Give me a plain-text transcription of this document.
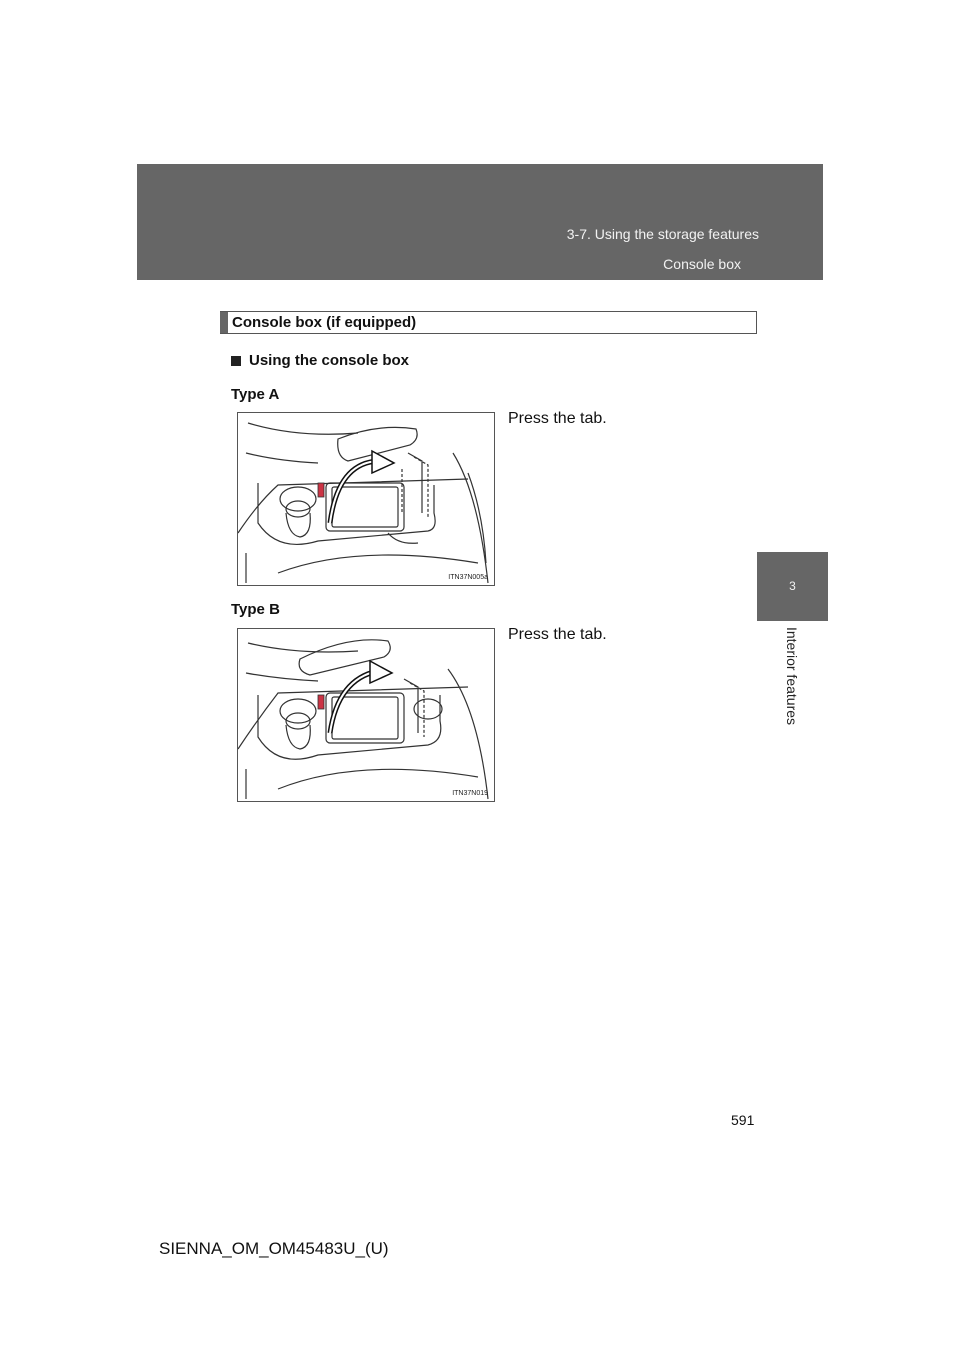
3-7. Using the storage features
Console box
3
Interior features
Console box (if equipped)
Using the console box
Type A
ITN37N005a
Press the tab.
Type B
ITN37N019
Press the tab.
591
SIENNA_OM_OM45483U_(U)
